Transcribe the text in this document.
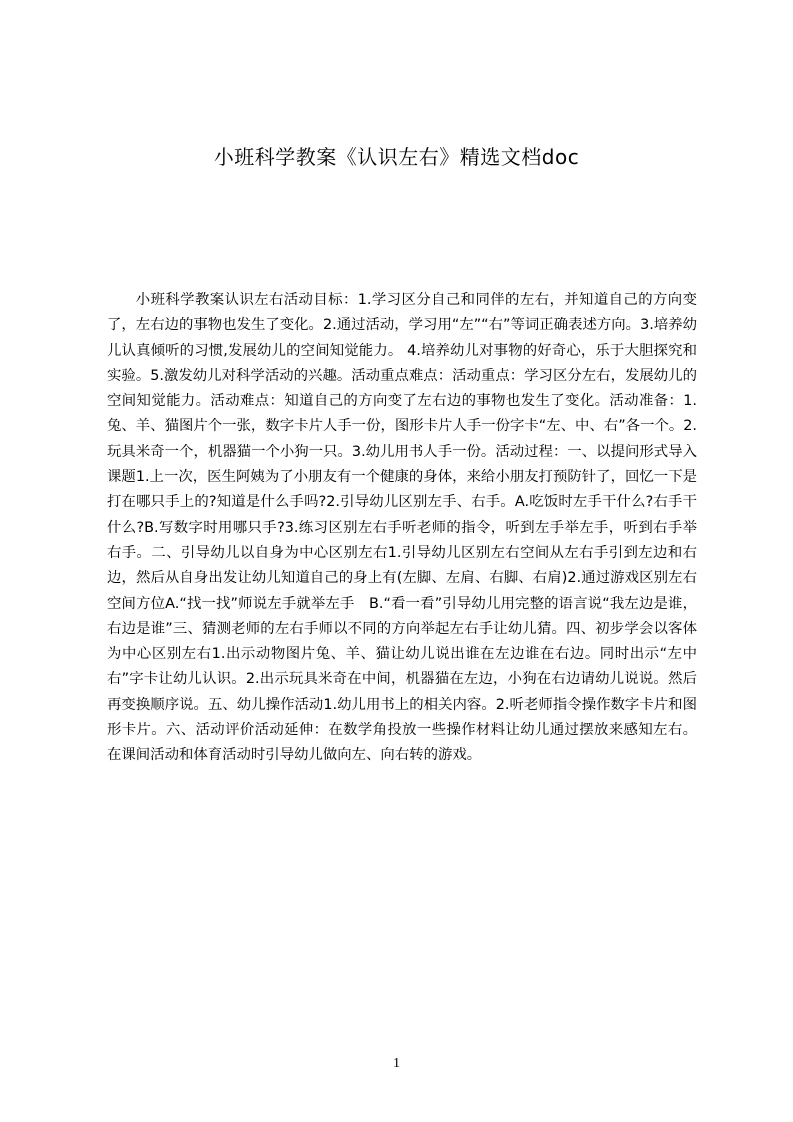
小班科学教案《认识左右》精选文档doc

小班科学教案认识左右活动目标：1.学习区分自己和同伴的左右，并知道自己的方向变了，左右边的事物也发生了变化。2.通过活动，学习用“左”“右”等词正确表述方向。3.培养幼儿认真倾听的习惯,发展幼儿的空间知觉能力。 4.培养幼儿对事物的好奇心，乐于大胆探究和实验。5.激发幼儿对科学活动的兴趣。活动重点难点：活动重点：学习区分左右，发展幼儿的空间知觉能力。活动难点：知道自己的方向变了左右边的事物也发生了变化。活动准备：1.兔、羊、猫图片个一张，数字卡片人手一份，图形卡片人手一份字卡“左、中、右”各一个。2.玩具米奇一个，机器猫一个小狗一只。3.幼儿用书人手一份。活动过程：一、以提问形式导入课题1.上一次，医生阿姨为了小朋友有一个健康的身体，来给小朋友打预防针了，回忆一下是打在哪只手上的?知道是什么手吗?2.引导幼儿区别左手、右手。A.吃饭时左手干什么?右手干什么?B.写数字时用哪只手?3.练习区别左右手听老师的指令，听到左手举左手，听到右手举右手。二、引导幼儿以自身为中心区别左右1.引导幼儿区别左右空间从左右手引到左边和右边，然后从自身出发让幼儿知道自己的身上有(左脚、左肩、右脚、右肩)2.通过游戏区别左右空间方位A.“找一找”师说左手就举左手　B.“看一看”引导幼儿用完整的语言说“我左边是谁，右边是谁”三、猜测老师的左右手师以不同的方向举起左右手让幼儿猜。四、初步学会以客体为中心区别左右1.出示动物图片兔、羊、猫让幼儿说出谁在左边谁在右边。同时出示“左中右”字卡让幼儿认识。2.出示玩具米奇在中间，机器猫在左边，小狗在右边请幼儿说说。然后再变换顺序说。五、幼儿操作活动1.幼儿用书上的相关内容。2.听老师指令操作数字卡片和图形卡片。六、活动评价活动延伸：在数学角投放一些操作材料让幼儿通过摆放来感知左右。在课间活动和体育活动时引导幼儿做向左、向右转的游戏。

1
